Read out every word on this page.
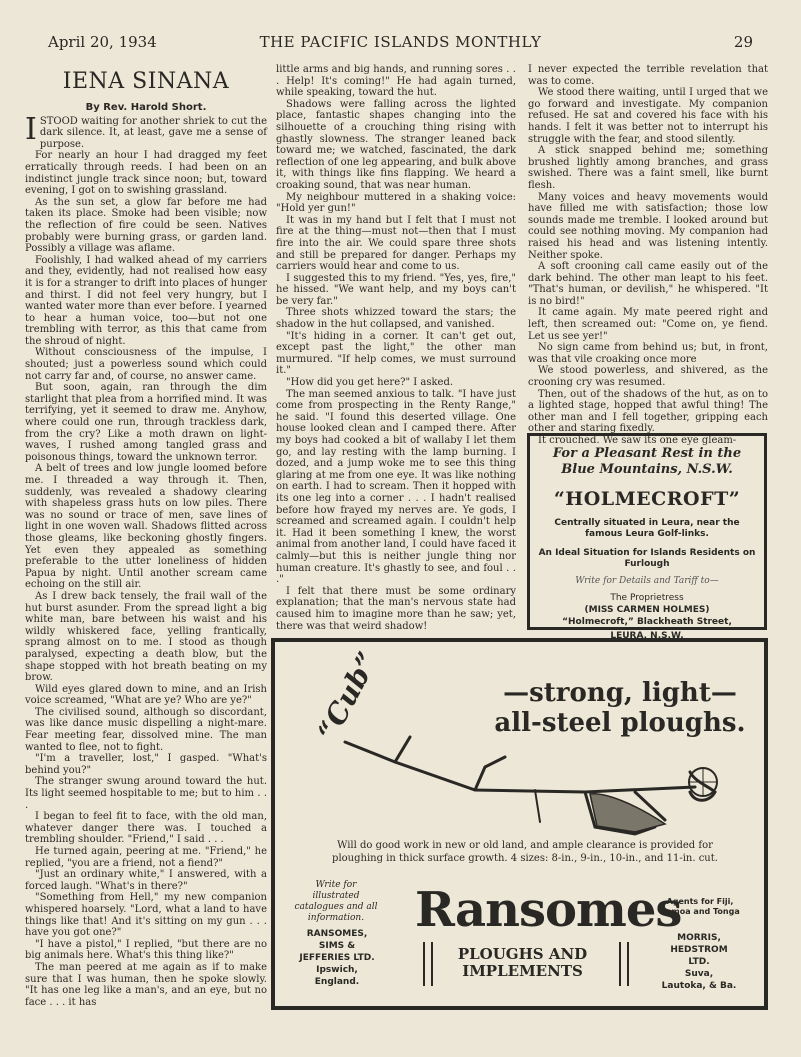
April 20, 1934	THE PACIFIC ISLANDS MONTHLY	29
IENA SINANA
By Rev. Harold Short.
I STOOD waiting for another shriek to cut the dark silence. It, at least, gave me a sense of purpose.

For nearly an hour I had dragged my feet erratically through reeds. I had been on an indistinct jungle track since noon; but, toward evening, I got on to swishing grassland.

As the sun set, a glow far before me had taken its place. Smoke had been visible; now the reflection of fire could be seen. Natives probably were burning grass, or garden land. Possibly a village was aflame.

Foolishly, I had walked ahead of my carriers and they, evidently, had not realised how easy it is for a stranger to drift into places of hunger and thirst. I did not feel very hungry, but I wanted water more than ever before. I yearned to hear a human voice, too—but not one trembling with terror, as this that came from the shroud of night.

Without consciousness of the impulse, I shouted; just a powerless sound which could not carry far and, of course, no answer came.

But soon, again, ran through the dim starlight that plea from a horrified mind. It was terrifying, yet it seemed to draw me. Anyhow, where could one run, through trackless dark, from the cry? Like a moth drawn on light-waves, I rushed among tangled grass and poisonous things, toward the unknown terror.

A belt of trees and low jungle loomed before me. I threaded a way through it. Then, suddenly, was revealed a shadowy clearing with shapeless grass huts on low piles. There was no sound or trace of men, save lines of light in one woven wall. Shadows flitted across those gleams, like beckoning ghostly fingers. Yet even they appealed as something preferable to the utter loneliness of hidden Papua by night. Until another scream came echoing on the still air.

As I drew back tensely, the frail wall of the hut burst asunder. From the spread light a big white man, bare between his waist and his wildly whiskered face, yelling frantically, sprang almost on to me. I stood as though paralysed, expecting a death blow, but the shape stopped with hot breath beating on my brow.

Wild eyes glared down to mine, and an Irish voice screamed, "What are ye? Who are ye?"

The civilised sound, although so discordant, was like dance music dispelling a night-mare. Fear meeting fear, dissolved mine. The man wanted to flee, not to fight.

"I'm a traveller, lost," I gasped. "What's behind you?"

The stranger swung around toward the hut. Its light seemed hospitable to me; but to him . . .

I began to feel fit to face, with the old man, whatever danger there was. I touched a trembling shoulder. "Friend," I said . . .

He turned again, peering at me. "Friend," he replied, "you are a friend, not a fiend?"

"Just an ordinary white," I answered, with a forced laugh. "What's in there?"

"Something from Hell," my new companion whispered hoarsely. "Lord, what a land to have things like that! And it's sitting on my gun . . . have you got one?"

"I have a pistol," I replied, "but there are no big animals here. What's this thing like?"

The man peered at me again as if to make sure that I was human, then he spoke slowly. "It has one leg like a man's, and an eye, but no face . . . it has

little arms and big hands, and running sores . . . Help! It's coming!" He had again turned, while speaking, toward the hut.

Shadows were falling across the lighted place, fantastic shapes changing into the silhouette of a crouching thing rising with ghastly slowness. The stranger leaned back toward me; we watched, fascinated, the dark reflection of one leg appearing, and bulk above it, with things like fins flapping. We heard a croaking sound, that was near human.

My neighbour muttered in a shaking voice: "Hold yer gun!"

It was in my hand but I felt that I must not fire at the thing—must not—then that I must fire into the air. We could spare three shots and still be prepared for danger. Perhaps my carriers would hear and come to us.

I suggested this to my friend. "Yes, yes, fire," he hissed. "We want help, and my boys can't be very far."

Three shots whizzed toward the stars; the shadow in the hut collapsed, and vanished.

"It's hiding in a corner. It can't get out, except past the light," the other man murmured. "If help comes, we must surround it."

"How did you get here?" I asked.

The man seemed anxious to talk. "I have just come from prospecting in the Renty Range," he said. "I found this deserted village. One house looked clean and I camped there. After my boys had cooked a bit of wallaby I let them go, and lay resting with the lamp burning. I dozed, and a jump woke me to see this thing glaring at me from one eye. It was like nothing on earth. I had to scream. Then it hopped with its one leg into a corner . . . I hadn't realised before how frayed my nerves are. Ye gods, I screamed and screamed again. I couldn't help it. Had it been something I knew, the worst animal from another land, I could have faced it calmly—but this is neither jungle thing nor human creature. It's ghastly to see, and foul . . ."

I felt that there must be some ordinary explanation; that the man's nervous state had caused him to imagine more than he saw; yet, there was that weird shadow!

I never expected the terrible revelation that was to come.

We stood there waiting, until I urged that we go forward and investigate. My companion refused. He sat and covered his face with his hands. I felt it was better not to interrupt his struggle with the fear, and stood silently.

A stick snapped behind me; something brushed lightly among branches, and grass swished. There was a faint smell, like burnt flesh.

Many voices and heavy movements would have filled me with satisfaction; those low sounds made me tremble. I looked around but could see nothing moving. My companion had raised his head and was listening intently. Neither spoke.

A soft crooning call came easily out of the dark behind. The other man leapt to his feet. "That's human, or devilish," he whispered. "It is no bird!"

It came again. My mate peered right and left, then screamed out: "Come on, ye fiend. Let us see yer!"

No sign came from behind us; but, in front, was that vile croaking once more

We stood powerless, and shivered, as the crooning cry was resumed.

Then, out of the shadows of the hut, as on to a lighted stage, hopped that awful thing! The other man and I fell together, gripping each other and staring fixedly.

It crouched. We saw its one eye gleam-

For a Pleasant Rest in the Blue Mountains, N.S.W.
“HOLMECROFT”
Centrally situated in Leura, near the famous Leura Golf-links.
An Ideal Situation for Islands Residents on Furlough
Write for Details and Tariff to—
The Proprietress
(MISS CARMEN HOLMES)
“Holmecroft,” Blackheath Street,
LEURA, N.S.W.
“Cub”	—strong, light—
all-steel ploughs.
Will do good work in new or old land, and ample clearance is provided for ploughing in thick surface growth. 4 sizes: 8-in., 9-in., 10-in., and 11-in. cut.
Write for illustrated catalogues and all information.
RANSOMES,
SIMS &
JEFFERIES LTD.
Ipswich,
England.
Ransomes
PLOUGHS AND
IMPLEMENTS
Agents for Fiji, Samoa and Tonga
MORRIS,
HEDSTROM
LTD.
Suva,
Lautoka, & Ba.
